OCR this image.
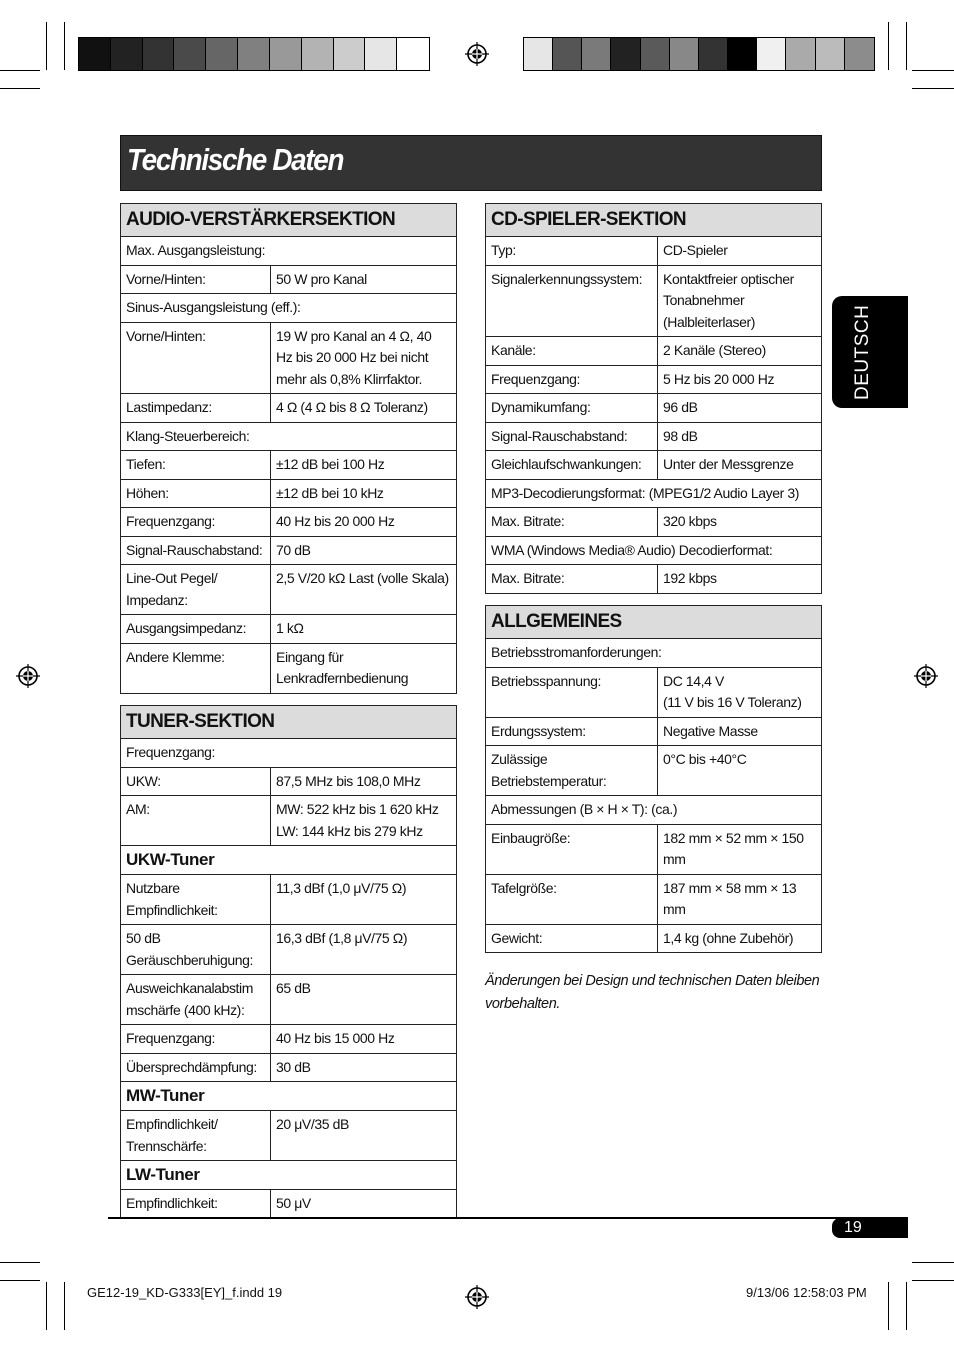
Technische Daten
DEUTSCH
AUDIO-VERSTÄRKERSEKTION	
Max. Ausgangsleistung:	
Vorne/Hinten:	50 W pro Kanal
Sinus-Ausgangsleistung (eff.):	
Vorne/Hinten:	19 W pro Kanal an 4 Ω, 40 Hz bis 20 000 Hz bei nicht mehr als 0,8% Klirrfaktor.
Lastimpedanz:	4 Ω (4 Ω bis 8 Ω Toleranz)
Klang-Steuerbereich:	
Tiefen:	±12 dB bei 100 Hz
Höhen:	±12 dB bei 10 kHz
Frequenzgang:	40 Hz bis 20 000 Hz
Signal-Rauschabstand:	70 dB
Line-Out Pegel/ Impedanz:	2,5 V/20 kΩ Last (volle Skala)
Ausgangsimpedanz:	1 kΩ
Andere Klemme:	Eingang für Lenkradfernbedienung
TUNER-SEKTION	
Frequenzgang:	
UKW:	87,5 MHz bis 108,0 MHz
AM:	MW: 522 kHz bis 1 620 kHz
LW: 144 kHz bis 279 kHz
UKW-Tuner	
Nutzbare Empfindlichkeit:	11,3 dBf (1,0 μV/75 Ω)
50 dB Geräuschberuhigung:	16,3 dBf (1,8 μV/75 Ω)
Ausweichkanalabstim mschärfe (400 kHz):	65 dB
Frequenzgang:	40 Hz bis 15 000 Hz
Übersprechdämpfung:	30 dB
MW-Tuner	
Empfindlichkeit/ Trennschärfe:	20 μV/35 dB
LW-Tuner	
Empfindlichkeit:	50 μV
CD-SPIELER-SEKTION	
Typ:	CD-Spieler
Signalerkennungssystem:	Kontaktfreier optischer Tonabnehmer (Halbleiterlaser)
Kanäle:	2 Kanäle (Stereo)
Frequenzgang:	5 Hz bis 20 000 Hz
Dynamikumfang:	96 dB
Signal-Rauschabstand:	98 dB
Gleichlaufschwankungen:	Unter der Messgrenze
MP3-Decodierungsformat: (MPEG1/2 Audio Layer 3)	
Max. Bitrate:	320 kbps
WMA (Windows Media® Audio) Decodierformat:	
Max. Bitrate:	192 kbps
ALLGEMEINES	
Betriebsstromanforderungen:	
Betriebsspannung:	DC 14,4 V
(11 V bis 16 V Toleranz)
Erdungssystem:	Negative Masse
Zulässige Betriebstemperatur:	0°C bis +40°C
Abmessungen (B × H × T): (ca.)	
Einbaugröße:	182 mm × 52 mm × 150 mm
Tafelgröße:	187 mm × 58 mm × 13 mm
Gewicht:	1,4 kg (ohne Zubehör)
Änderungen bei Design und technischen Daten bleiben vorbehalten.
19
GE12-19_KD-G333[EY]_f.indd 19	9/13/06 12:58:03 PM
